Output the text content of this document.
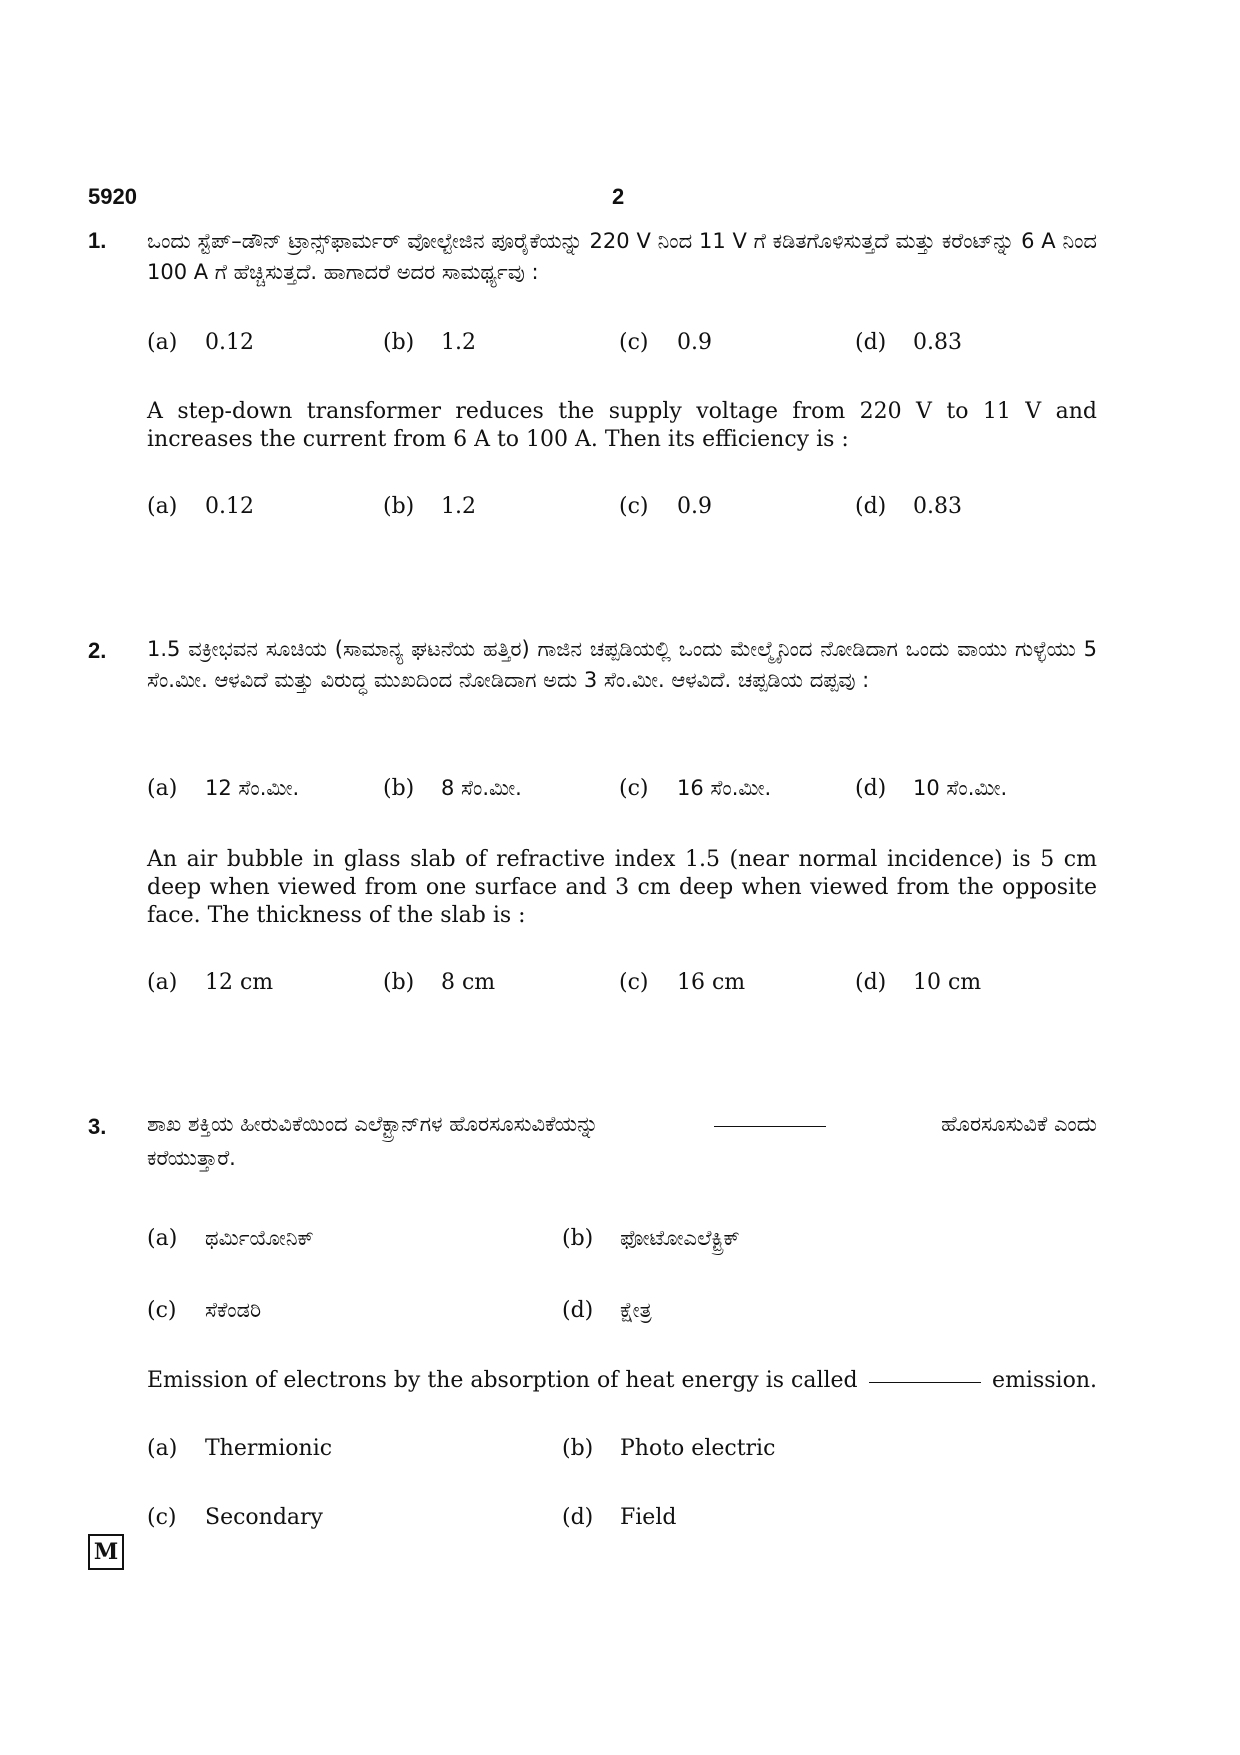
5920	2
1. ಒಂದು ಸ್ಟೆಪ್–ಡೌನ್ ಟ್ರಾನ್ಸ್‌ಫಾರ್ಮರ್ ವೋಲ್ಟೇಜಿನ ಪೂರೈಕೆಯನ್ನು 220 V ನಿಂದ 11 V ಗೆ ಕಡಿತಗೊಳಿಸುತ್ತದೆ ಮತ್ತು ಕರೆಂಟ್‌ನ್ನು 6 A ನಿಂದ 100 A ಗೆ ಹೆಚ್ಚಿಸುತ್ತದೆ. ಹಾಗಾದರೆ ಅದರ ಸಾಮರ್ಥ್ಯವು :
(a) 0.12	(b) 1.2	(c) 0.9	(d) 0.83
A step-down transformer reduces the supply voltage from 220 V to 11 V and increases the current from 6 A to 100 A. Then its efficiency is :
(a) 0.12	(b) 1.2	(c) 0.9	(d) 0.83
2. 1.5 ವಕ್ರೀಭವನ ಸೂಚಿಯ (ಸಾಮಾನ್ಯ ಘಟನೆಯ ಹತ್ತಿರ) ಗಾಜಿನ ಚಪ್ಪಡಿಯಲ್ಲಿ ಒಂದು ಮೇಲ್ಮೈನಿಂದ ನೋಡಿದಾಗ ಒಂದು ವಾಯು ಗುಳ್ಳೆಯು 5 ಸೆಂ.ಮೀ. ಆಳವಿದೆ ಮತ್ತು ವಿರುದ್ಧ ಮುಖದಿಂದ ನೋಡಿದಾಗ ಅದು 3 ಸೆಂ.ಮೀ. ಆಳವಿದೆ. ಚಪ್ಪಡಿಯ ದಪ್ಪವು :
(a) 12 ಸೆಂ.ಮೀ.	(b) 8 ಸೆಂ.ಮೀ.	(c) 16 ಸೆಂ.ಮೀ.	(d) 10 ಸೆಂ.ಮೀ.
An air bubble in glass slab of refractive index 1.5 (near normal incidence) is 5 cm deep when viewed from one surface and 3 cm deep when viewed from the opposite face. The thickness of the slab is :
(a) 12 cm	(b) 8 cm	(c) 16 cm	(d) 10 cm
3. ಶಾಖ ಶಕ್ತಿಯ ಹೀರುವಿಕೆಯಿಂದ ಎಲೆಕ್ಟ್ರಾನ್‌ಗಳ ಹೊರಸೂಸುವಿಕೆಯನ್ನು	ಹೊರಸೂಸುವಿಕೆ ಎಂದು
ಕರೆಯುತ್ತಾರೆ.
(a) ಥರ್ಮಿಯೋನಿಕ್	(b) ಫೋಟೋಎಲೆಕ್ಟ್ರಿಕ್
(c) ಸೆಕೆಂಡರಿ	(d) ಕ್ಷೇತ್ರ
Emission of electrons by the absorption of heat energy is called	emission.
(a) Thermionic	(b) Photo electric
(c) Secondary	(d) Field
M
